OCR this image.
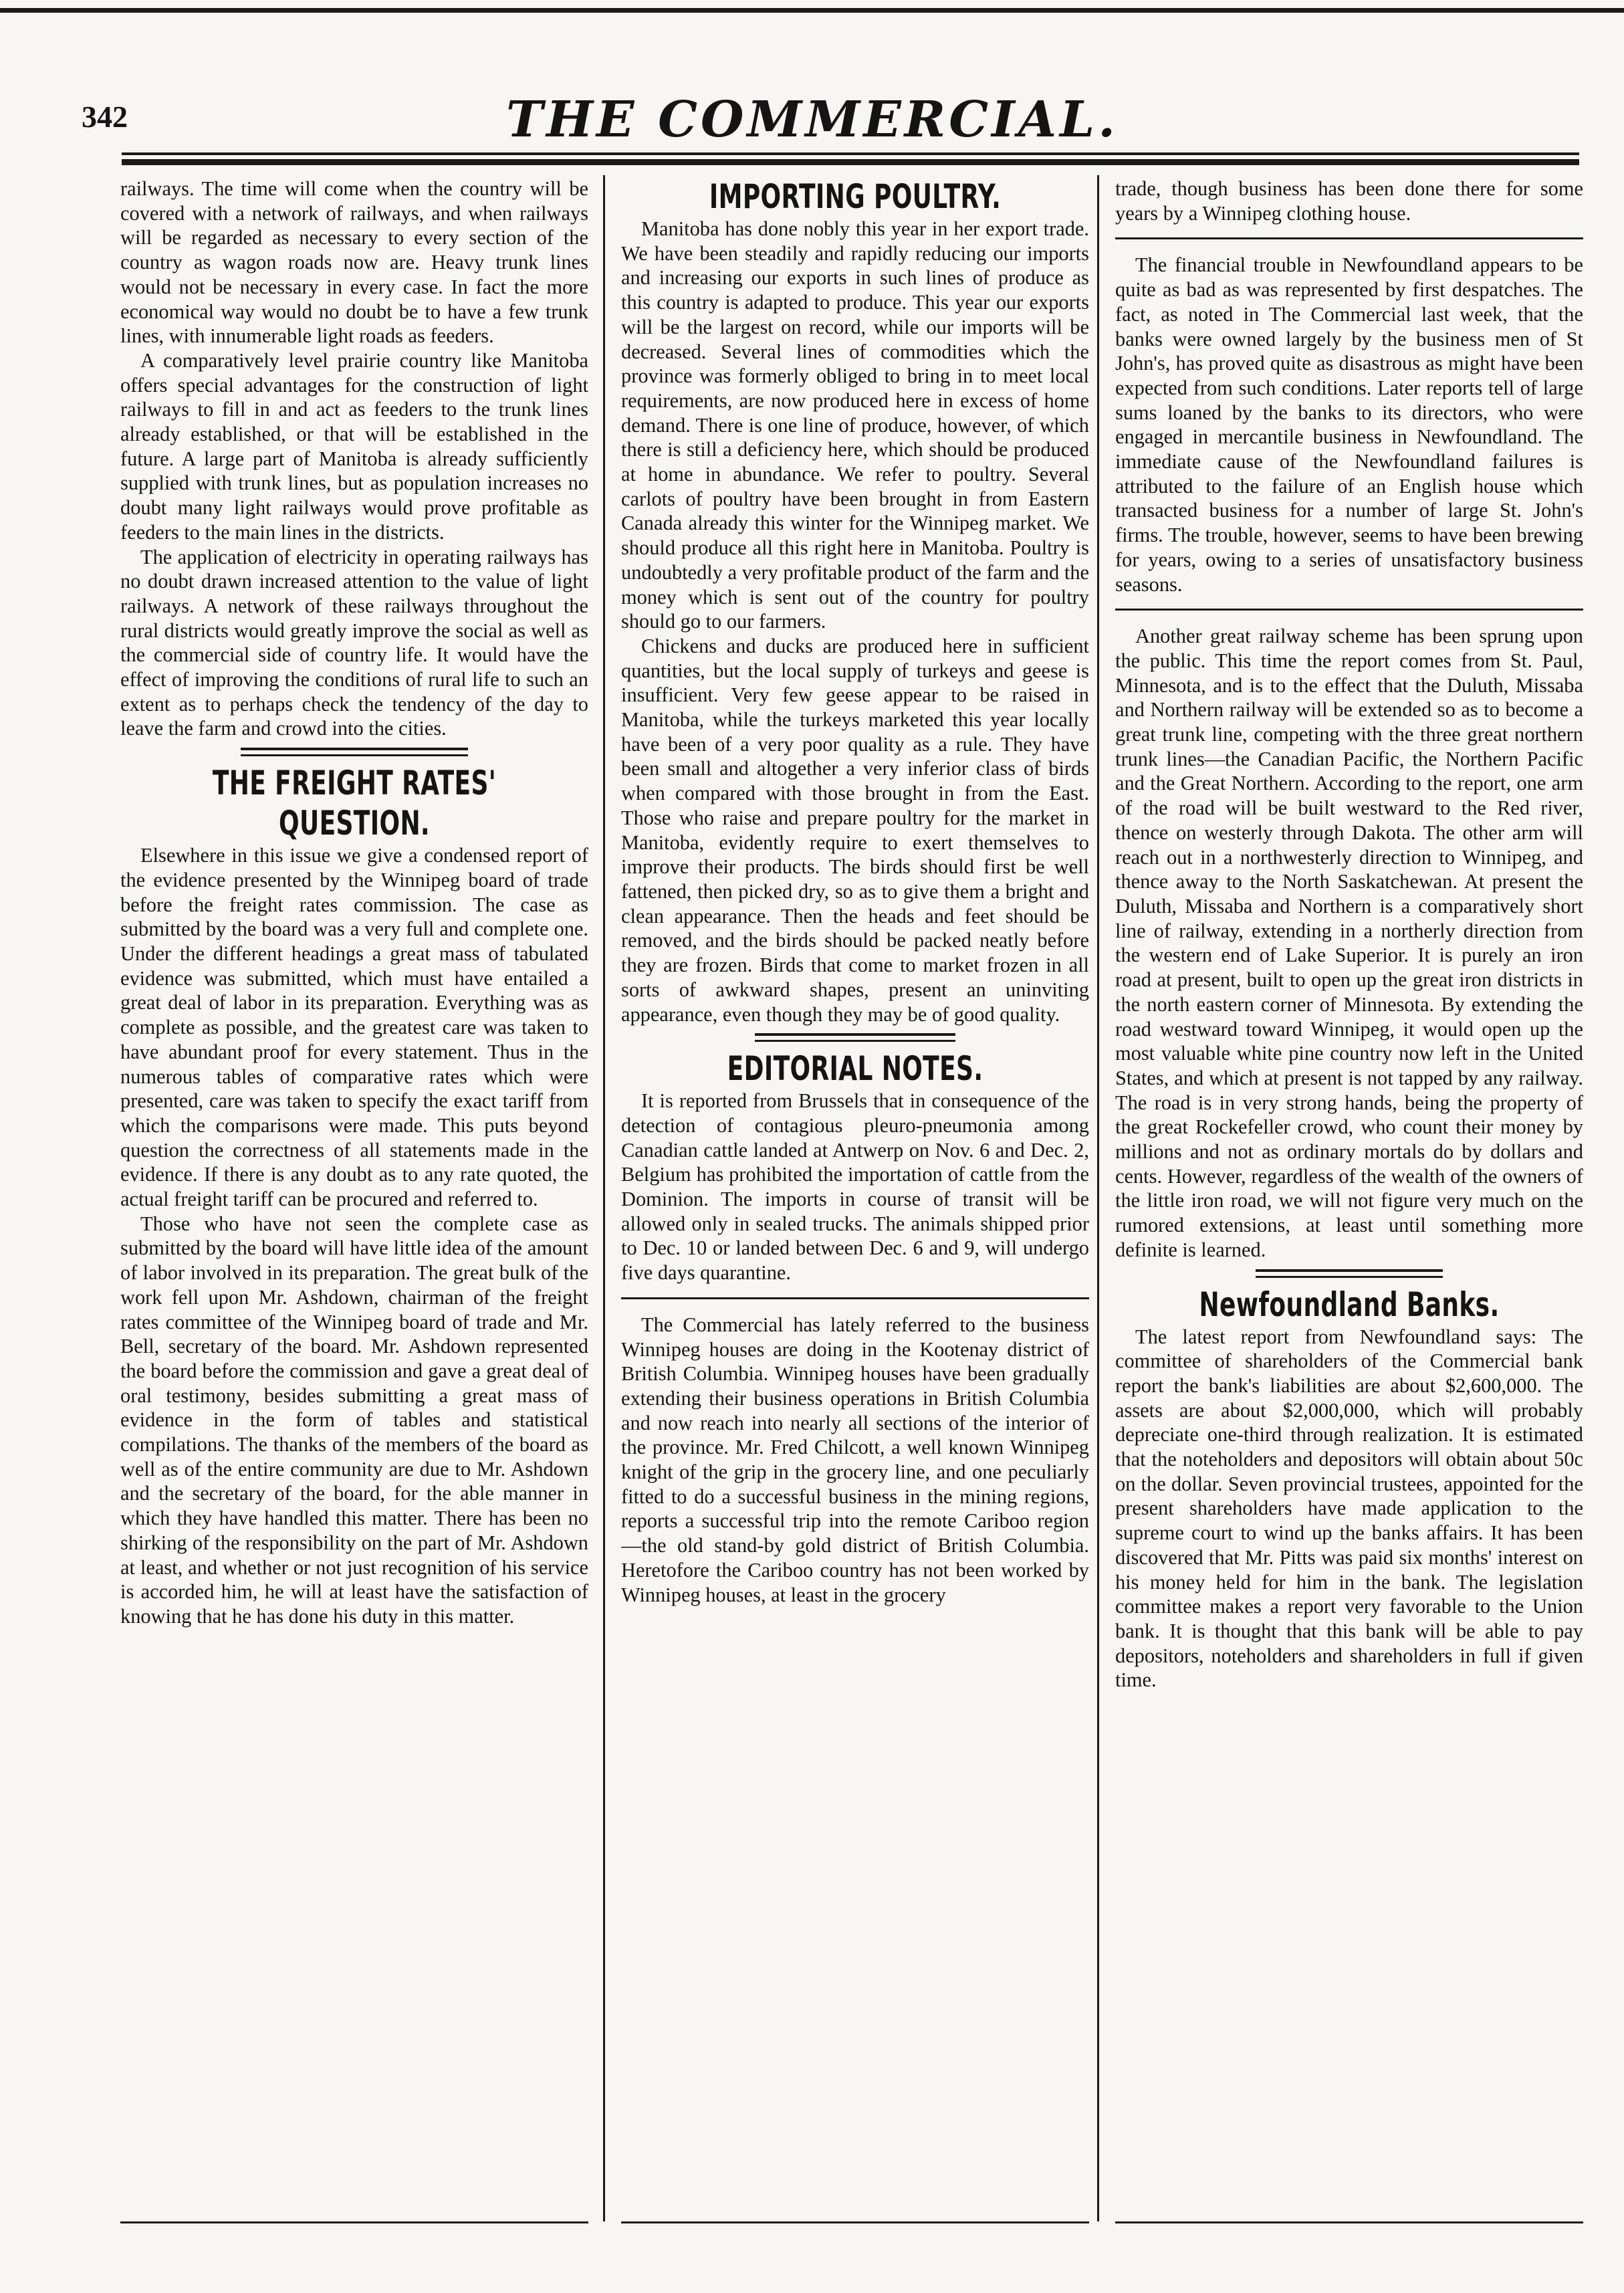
342	THE COMMERCIAL.

railways. The time will come when the country will be covered with a network of railways, and when railways will be regarded as necessary to every section of the country as wagon roads now are. Heavy trunk lines would not be necessary in every case. In fact the more economical way would no doubt be to have a few trunk lines, with innumerable light roads as feeders.

A comparatively level prairie country like Manitoba offers special advantages for the construction of light railways to fill in and act as feeders to the trunk lines already established, or that will be established in the future. A large part of Manitoba is already sufficiently supplied with trunk lines, but as population increases no doubt many light railways would prove profitable as feeders to the main lines in the districts.

The application of electricity in operating railways has no doubt drawn increased attention to the value of light railways. A network of these railways throughout the rural districts would greatly improve the social as well as the commercial side of country life. It would have the effect of improving the conditions of rural life to such an extent as to perhaps check the tendency of the day to leave the farm and crowd into the cities.

THE FREIGHT RATES' QUESTION.

Elsewhere in this issue we give a condensed report of the evidence presented by the Winnipeg board of trade before the freight rates commission. The case as submitted by the board was a very full and complete one. Under the different headings a great mass of tabulated evidence was submitted, which must have entailed a great deal of labor in its preparation. Everything was as complete as possible, and the greatest care was taken to have abundant proof for every statement. Thus in the numerous tables of comparative rates which were presented, care was taken to specify the exact tariff from which the comparisons were made. This puts beyond question the correctness of all statements made in the evidence. If there is any doubt as to any rate quoted, the actual freight tariff can be procured and referred to.

Those who have not seen the complete case as submitted by the board will have little idea of the amount of labor involved in its preparation. The great bulk of the work fell upon Mr. Ashdown, chairman of the freight rates committee of the Winnipeg board of trade and Mr. Bell, secretary of the board. Mr. Ashdown represented the board before the commission and gave a great deal of oral testimony, besides submitting a great mass of evidence in the form of tables and statistical compilations. The thanks of the members of the board as well as of the entire community are due to Mr. Ashdown and the secretary of the board, for the able manner in which they have handled this matter. There has been no shirking of the responsibility on the part of Mr. Ashdown at least, and whether or not just recognition of his service is accorded him, he will at least have the satisfaction of knowing that he has done his duty in this matter.

IMPORTING POULTRY.

Manitoba has done nobly this year in her export trade. We have been steadily and rapidly reducing our imports and increasing our exports in such lines of produce as this country is adapted to produce. This year our exports will be the largest on record, while our imports will be decreased. Several lines of commodities which the province was formerly obliged to bring in to meet local requirements, are now produced here in excess of home demand. There is one line of produce, however, of which there is still a deficiency here, which should be produced at home in abundance. We refer to poultry. Several carlots of poultry have been brought in from Eastern Canada already this winter for the Winnipeg market. We should produce all this right here in Manitoba. Poultry is undoubtedly a very profitable product of the farm and the money which is sent out of the country for poultry should go to our farmers.

Chickens and ducks are produced here in sufficient quantities, but the local supply of turkeys and geese is insufficient. Very few geese appear to be raised in Manitoba, while the turkeys marketed this year locally have been of a very poor quality as a rule. They have been small and altogether a very inferior class of birds when compared with those brought in from the East. Those who raise and prepare poultry for the market in Manitoba, evidently require to exert themselves to improve their products. The birds should first be well fattened, then picked dry, so as to give them a bright and clean appearance. Then the heads and feet should be removed, and the birds should be packed neatly before they are frozen. Birds that come to market frozen in all sorts of awkward shapes, present an uninviting appearance, even though they may be of good quality.

EDITORIAL NOTES.

It is reported from Brussels that in consequence of the detection of contagious pleuro-pneumonia among Canadian cattle landed at Antwerp on Nov. 6 and Dec. 2, Belgium has prohibited the importation of cattle from the Dominion. The imports in course of transit will be allowed only in sealed trucks. The animals shipped prior to Dec. 10 or landed between Dec. 6 and 9, will undergo five days quarantine.

The Commercial has lately referred to the business Winnipeg houses are doing in the Kootenay district of British Columbia. Winnipeg houses have been gradually extending their business operations in British Columbia and now reach into nearly all sections of the interior of the province. Mr. Fred Chilcott, a well known Winnipeg knight of the grip in the grocery line, and one peculiarly fitted to do a successful business in the mining regions, reports a successful trip into the remote Cariboo region—the old stand-by gold district of British Columbia. Heretofore the Cariboo country has not been worked by Winnipeg houses, at least in the grocery

trade, though business has been done there for some years by a Winnipeg clothing house.

The financial trouble in Newfoundland appears to be quite as bad as was represented by first despatches. The fact, as noted in The Commercial last week, that the banks were owned largely by the business men of St John's, has proved quite as disastrous as might have been expected from such conditions. Later reports tell of large sums loaned by the banks to its directors, who were engaged in mercantile business in Newfoundland. The immediate cause of the Newfoundland failures is attributed to the failure of an English house which transacted business for a number of large St. John's firms. The trouble, however, seems to have been brewing for years, owing to a series of unsatisfactory business seasons.

Another great railway scheme has been sprung upon the public. This time the report comes from St. Paul, Minnesota, and is to the effect that the Duluth, Missaba and Northern railway will be extended so as to become a great trunk line, competing with the three great northern trunk lines—the Canadian Pacific, the Northern Pacific and the Great Northern. According to the report, one arm of the road will be built westward to the Red river, thence on westerly through Dakota. The other arm will reach out in a northwesterly direction to Winnipeg, and thence away to the North Saskatchewan. At present the Duluth, Missaba and Northern is a comparatively short line of railway, extending in a northerly direction from the western end of Lake Superior. It is purely an iron road at present, built to open up the great iron districts in the north eastern corner of Minnesota. By extending the road westward toward Winnipeg, it would open up the most valuable white pine country now left in the United States, and which at present is not tapped by any railway. The road is in very strong hands, being the property of the great Rockefeller crowd, who count their money by millions and not as ordinary mortals do by dollars and cents. However, regardless of the wealth of the owners of the little iron road, we will not figure very much on the rumored extensions, at least until something more definite is learned.

Newfoundland Banks.

The latest report from Newfoundland says: The committee of shareholders of the Commercial bank report the bank's liabilities are about $2,600,000. The assets are about $2,000,000, which will probably depreciate one-third through realization. It is estimated that the noteholders and depositors will obtain about 50c on the dollar. Seven provincial trustees, appointed for the present shareholders have made application to the supreme court to wind up the banks affairs. It has been discovered that Mr. Pitts was paid six months' interest on his money held for him in the bank. The legislation committee makes a report very favorable to the Union bank. It is thought that this bank will be able to pay depositors, noteholders and shareholders in full if given time.
